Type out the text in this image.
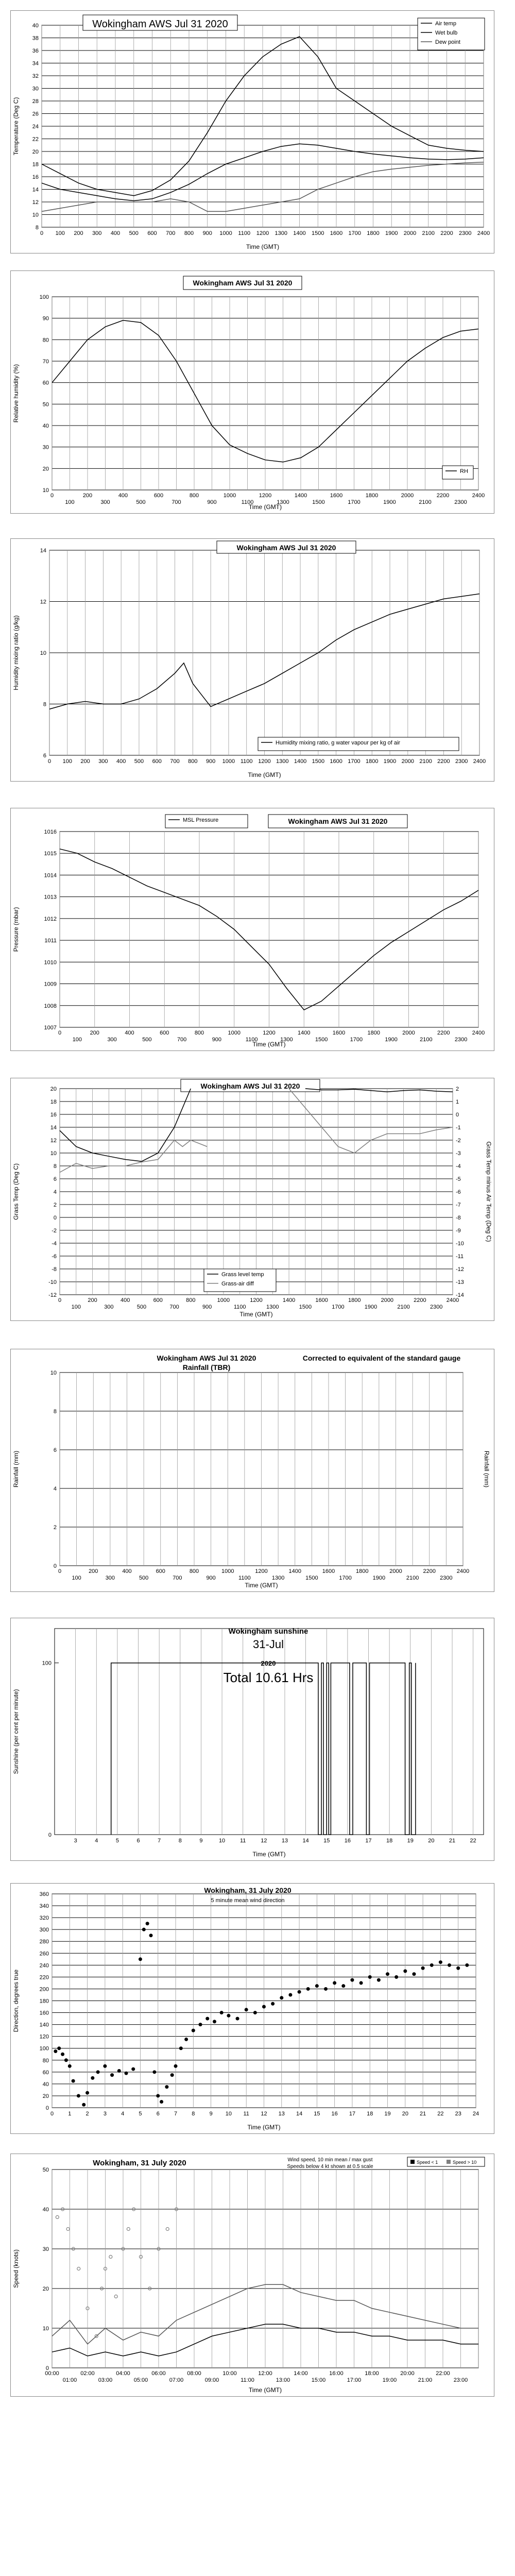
8
10
12
14
16
18
20
22
24
26
28
30
32
34
36
38
40
0 100 200 300 400 500 600 700 800 900 1000 1100 1200 1300 1400 1500 1600 1700 1800 1900 2000 2100 2200 2300 2400
Time (GMT)
Temperature (Deg C)
Wokingham AWS Jul 31 2020	Air temp
Wet bulb
Dew point
10
20
30
40
50
60
70
80
90
100
0	200	400	600	800	1000	1200	1400	1600	1800	2000	2200	2400
100	300	500	700	900	1100	1300	1500	1700	1900	2100	2300
Time (GMT)
Relative humidity (%)
Wokingham AWS Jul 31 2020
RH
6
8
10
12
14
0 100 200 300 400 500 600 700 800 900 1000 1100 1200 1300 1400 1500 1600 1700 1800 1900 2000 2100 2200 2300 2400
Time (GMT)
Humidity mixing ratio (g/kg)
Wokingham AWS Jul 31 2020
Humidity mixing ratio, g water vapour per kg of air
1007
1008
1009
1010
1011
1012
1013
1014
1015
1016
0	200	400	600	800	1000	1200	1400	1600	1800	2000	2200	2400
100	300	500	700	900	1100	1300	1500	1700	1900	2100	2300
Time (GMT)
Pressure (mbar)
Wokingham AWS Jul 31 2020
MSL Pressure
-12
-10
-8
-6
-4
-2
0
2
4
6
8
10
12
14
16
18
20
0	200	400	600	800	1000	1200	1400	1600	1800	2000	2200	2400
100	300	500	700	900	1100	1300	1500	1700	1900	2100	2300
Time (GMT)
Grass Temp (Deg C)
Wokingham AWS Jul 31 2020
-14
-13
-12
-11
-10
-9
-8
-7
-6
-5
-4
-3
-2
-1
0
1
2
Grass Temp minus Air Temp (Deg C)
Grass level temp
Grass-air diff
0
2
4
6
8
10
0	200	400	600	800	1000	1200	1400	1600	1800	2000	2200	2400
100	300	500	700	900	1100	1300	1500	1700	1900	2100	2300
Time (GMT)
Rainfall (mm)
Wokingham AWS Jul 31 2020
Rainfall (TBR)
Corrected to equivalent of the standard gauge
Rainfall (mm)
0
100
3	4	5	6	7	8	9	10	11	12	13	14	15	16	17	18	19	20	21	22
Time (GMT)
Sunshine (per cent per minute)
Wokingham sunshine
31-Jul
2020
Total 10.61 Hrs
0
20
40
60
80
100
120
140
160
180
200
220
240
260
280
300
320
340
360
0	1	2	3	4	5	6	7	8	9 10 11 12 13 14 15 16 17 18 19 20 21 22 23 24
Time (GMT)
Direction, degrees true
Wokingham, 31 July 2020
5 minute mean wind direction
0
10
20
30
40
50
00:00	02:00	04:00	06:00	08:00	10:00	12:00	14:00	16:00	18:00	20:00	22:00
01:00	03:00	05:00	07:00	09:00	11:00	13:00	15:00	17:00	19:00	21:00	23:00
Time (GMT)
Speed (knots)
Wokingham, 31 July 2020	Wind speed, 10 min mean / max gust
Speeds below 4 kt shown at 0.5 scale
Speed < 1	Speed > 10
